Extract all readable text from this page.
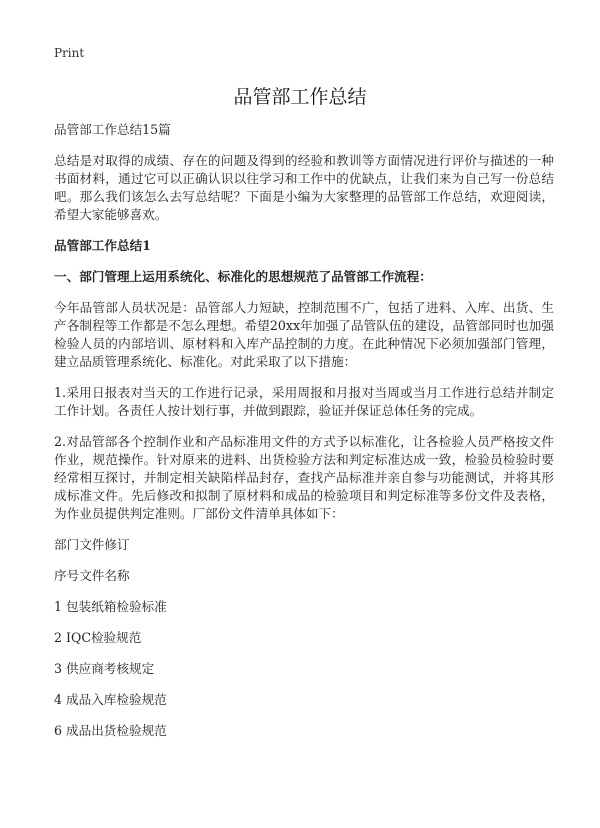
Print
品管部工作总结

品管部工作总结15篇

总结是对取得的成绩、存在的问题及得到的经验和教训等方面情况进行评价与描述的一种书面材料，通过它可以正确认识以往学习和工作中的优缺点，让我们来为自己写一份总结吧。那么我们该怎么去写总结呢？下面是小编为大家整理的品管部工作总结，欢迎阅读，希望大家能够喜欢。

品管部工作总结1

一、部门管理上运用系统化、标准化的思想规范了品管部工作流程：

今年品管部人员状况是：品管部人力短缺，控制范围不广，包括了进料、入库、出货、生产各制程等工作都是不怎么理想。希望20xx年加强了品管队伍的建设，品管部同时也加强检验人员的内部培训、原材料和入库产品控制的力度。在此种情况下必须加强部门管理，建立品质管理系统化、标准化。对此采取了以下措施：

1.采用日报表对当天的工作进行记录，采用周报和月报对当周或当月工作进行总结并制定工作计划。各责任人按计划行事，并做到跟踪，验证并保证总体任务的完成。

2.对品管部各个控制作业和产品标准用文件的方式予以标准化，让各检验人员严格按文件作业，规范操作。针对原来的进料、出货检验方法和判定标准达成一致，检验员检验时要经常相互探讨，并制定相关缺陷样品封存，查找产品标准并亲自参与功能测试，并将其形成标准文件。先后修改和拟制了原材料和成品的检验项目和判定标准等多份文件及表格，为作业员提供判定准则。厂部份文件清单具体如下：

部门文件修订

序号文件名称

1 包装纸箱检验标准

2 IQC检验规范

3 供应商考核规定

4 成品入库检验规范

6 成品出货检验规范
